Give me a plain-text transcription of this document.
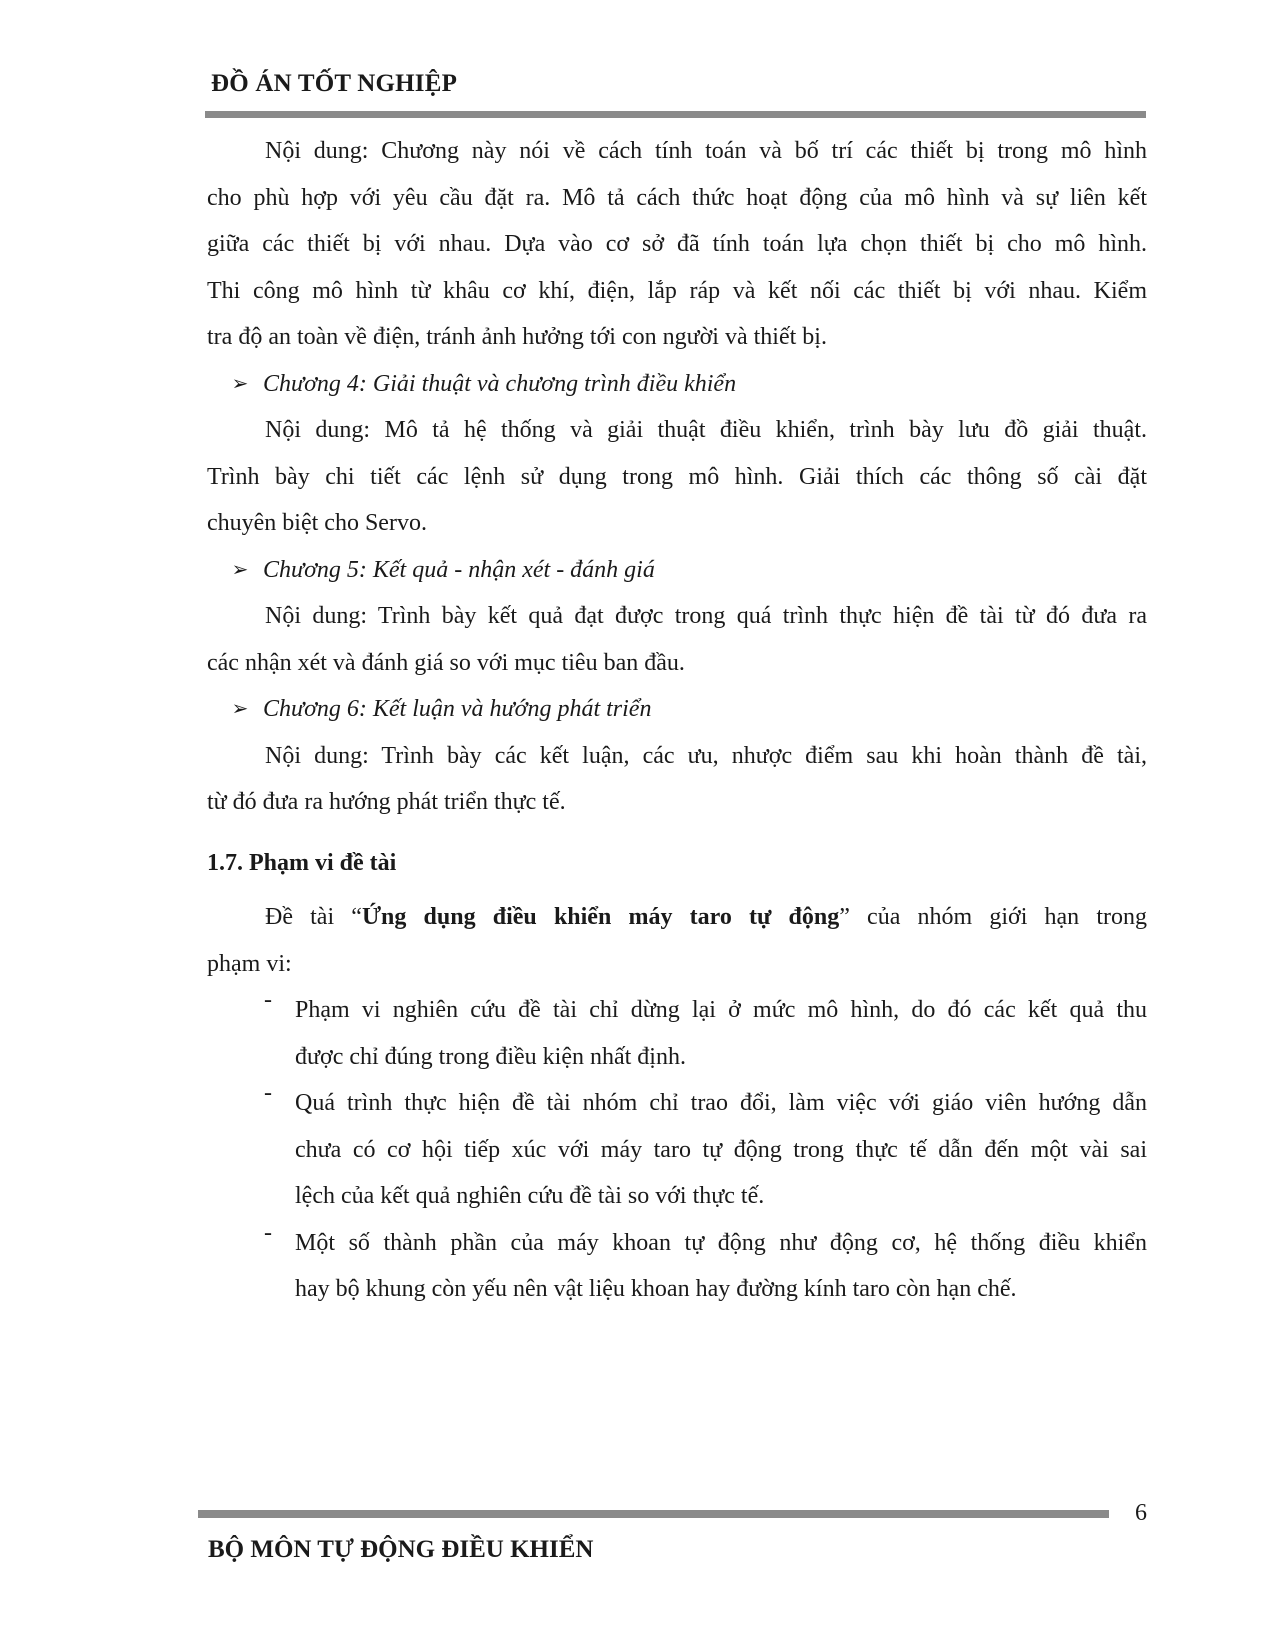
ĐỒ ÁN TỐT NGHIỆP
Nội dung: Chương này nói về cách tính toán và bố trí các thiết bị trong mô hình
cho phù hợp với yêu cầu đặt ra. Mô tả cách thức hoạt động của mô hình và sự liên kết
giữa các thiết bị với nhau. Dựa vào cơ sở đã tính toán lựa chọn thiết bị cho mô hình.
Thi công mô hình từ khâu cơ khí, điện, lắp ráp và kết nối các thiết bị với nhau. Kiểm
tra độ an toàn về điện, tránh ảnh hưởng tới con người và thiết bị.
➢ Chương 4: Giải thuật và chương trình điều khiển
Nội dung: Mô tả hệ thống và giải thuật điều khiển, trình bày lưu đồ giải thuật.
Trình bày chi tiết các lệnh sử dụng trong mô hình. Giải thích các thông số cài đặt
chuyên biệt cho Servo.
➢ Chương 5: Kết quả - nhận xét - đánh giá
Nội dung: Trình bày kết quả đạt được trong quá trình thực hiện đề tài từ đó đưa ra
các nhận xét và đánh giá so với mục tiêu ban đầu.
➢ Chương 6: Kết luận và hướng phát triển
Nội dung: Trình bày các kết luận, các ưu, nhược điểm sau khi hoàn thành đề tài,
từ đó đưa ra hướng phát triển thực tế.
1.7. Phạm vi đề tài
Đề tài “Ứng dụng điều khiển máy taro tự động” của nhóm giới hạn trong
phạm vi:
- Phạm vi nghiên cứu đề tài chỉ dừng lại ở mức mô hình, do đó các kết quả thu
được chỉ đúng trong điều kiện nhất định.
- Quá trình thực hiện đề tài nhóm chỉ trao đổi, làm việc với giáo viên hướng dẫn
chưa có cơ hội tiếp xúc với máy taro tự động trong thực tế dẫn đến một vài sai
lệch của kết quả nghiên cứu đề tài so với thực tế.
- Một số thành phần của máy khoan tự động như động cơ, hệ thống điều khiển
hay bộ khung còn yếu nên vật liệu khoan hay đường kính taro còn hạn chế.
6
BỘ MÔN TỰ ĐỘNG ĐIỀU KHIỂN
